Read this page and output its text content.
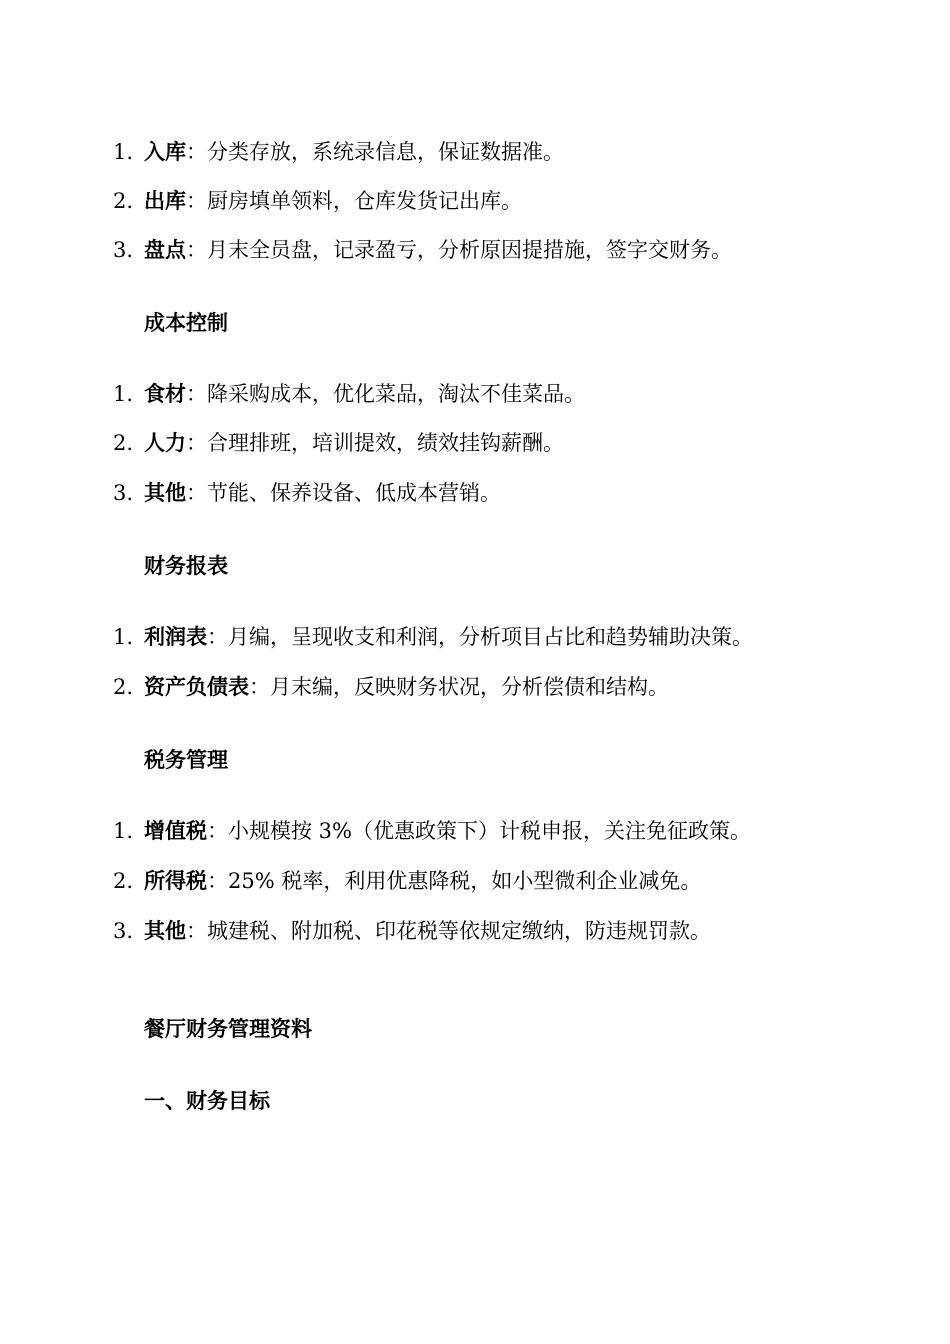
1. 入库：分类存放，系统录信息，保证数据准。
2. 出库：厨房填单领料，仓库发货记出库。
3. 盘点：月末全员盘，记录盈亏，分析原因提措施，签字交财务。
成本控制
1. 食材：降采购成本，优化菜品，淘汰不佳菜品。
2. 人力：合理排班，培训提效，绩效挂钩薪酬。
3. 其他：节能、保养设备、低成本营销。
财务报表
1. 利润表：月编，呈现收支和利润，分析项目占比和趋势辅助决策。
2. 资产负债表：月末编，反映财务状况，分析偿债和结构。
税务管理
1. 增值税：小规模按 3%（优惠政策下）计税申报，关注免征政策。
2. 所得税：25% 税率，利用优惠降税，如小型微利企业减免。
3. 其他：城建税、附加税、印花税等依规定缴纳，防违规罚款。
餐厅财务管理资料
一、财务目标
